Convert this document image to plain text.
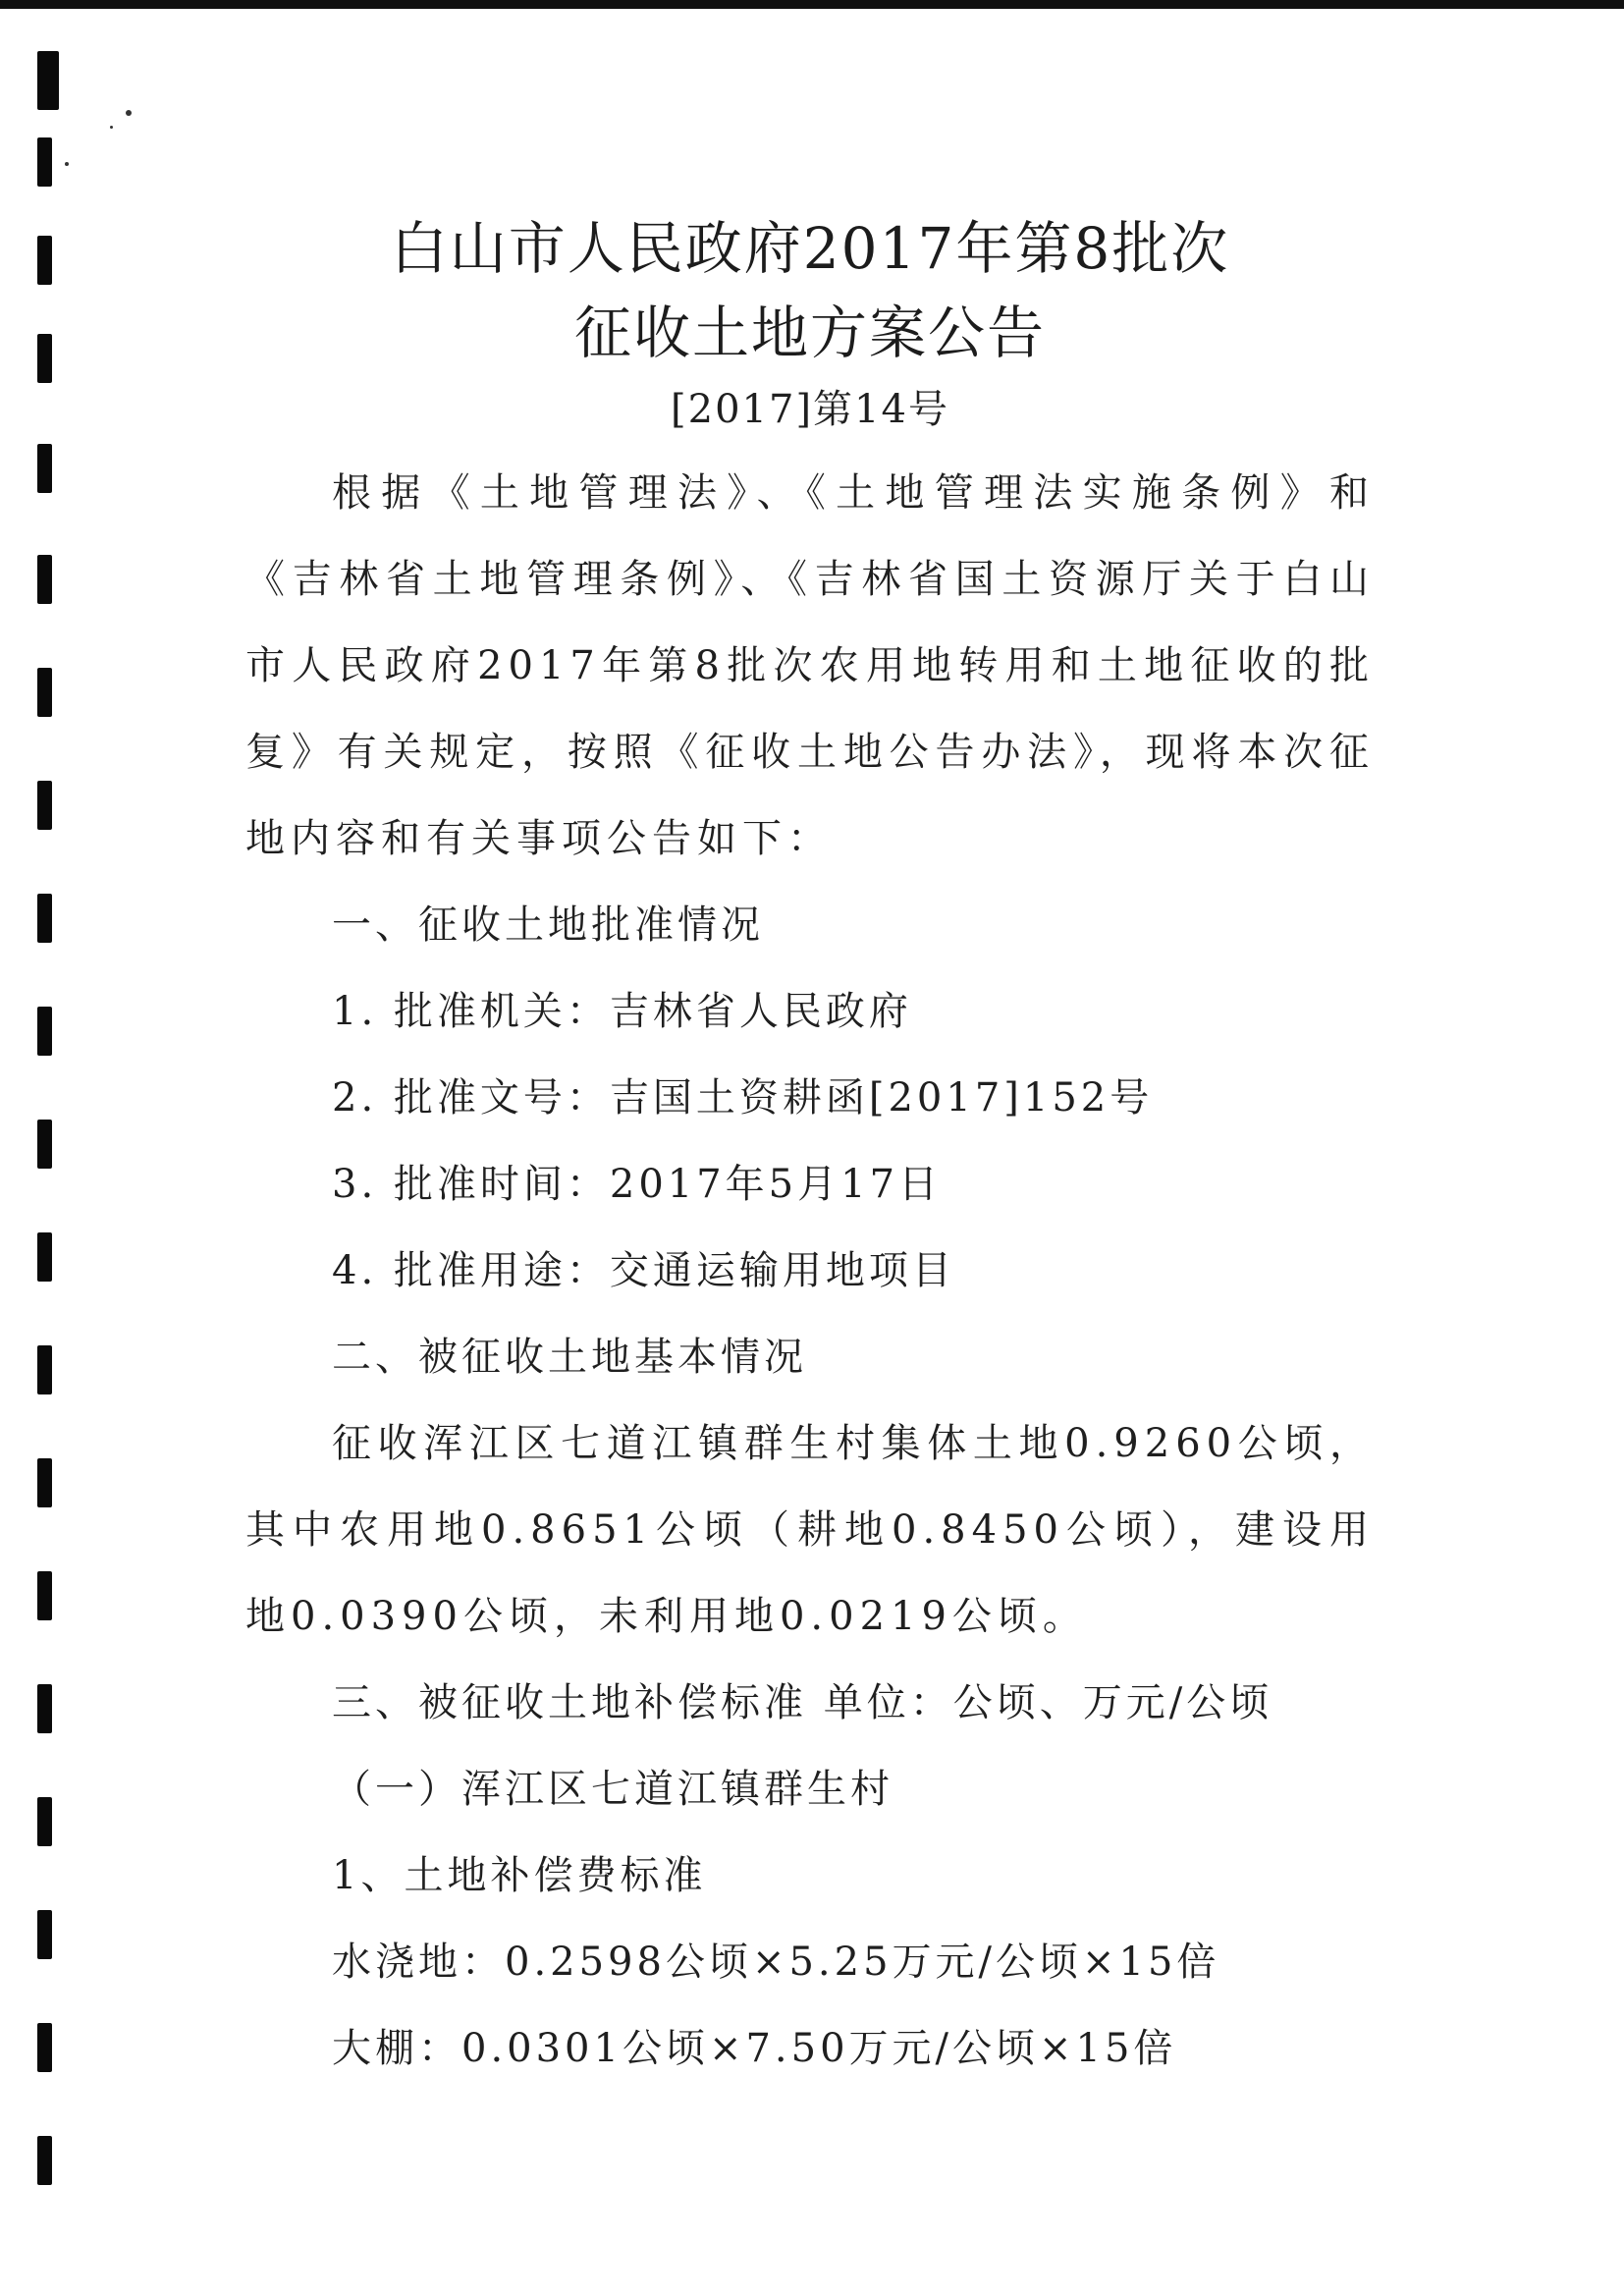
白山市人民政府2017年第8批次
征收土地方案公告

[2017]第14号

根据《土地管理法》、《土地管理法实施条例》和《吉林省土地管理条例》、《吉林省国土资源厅关于白山市人民政府2017年第8批次农用地转用和土地征收的批复》有关规定，按照《征收土地公告办法》，现将本次征地内容和有关事项公告如下：

一、征收土地批准情况

1. 批准机关：吉林省人民政府

2. 批准文号：吉国土资耕函[2017]152号

3. 批准时间：2017年5月17日

4. 批准用途：交通运输用地项目

二、被征收土地基本情况

征收浑江区七道江镇群生村集体土地0.9260公顷，其中农用地0.8651公顷（耕地0.8450公顷），建设用地0.0390公顷，未利用地0.0219公顷。

三、被征收土地补偿标准 单位：公顷、万元/公顷

（一）浑江区七道江镇群生村

1、土地补偿费标准

水浇地：0.2598公顷×5.25万元/公顷×15倍

大棚：0.0301公顷×7.50万元/公顷×15倍
